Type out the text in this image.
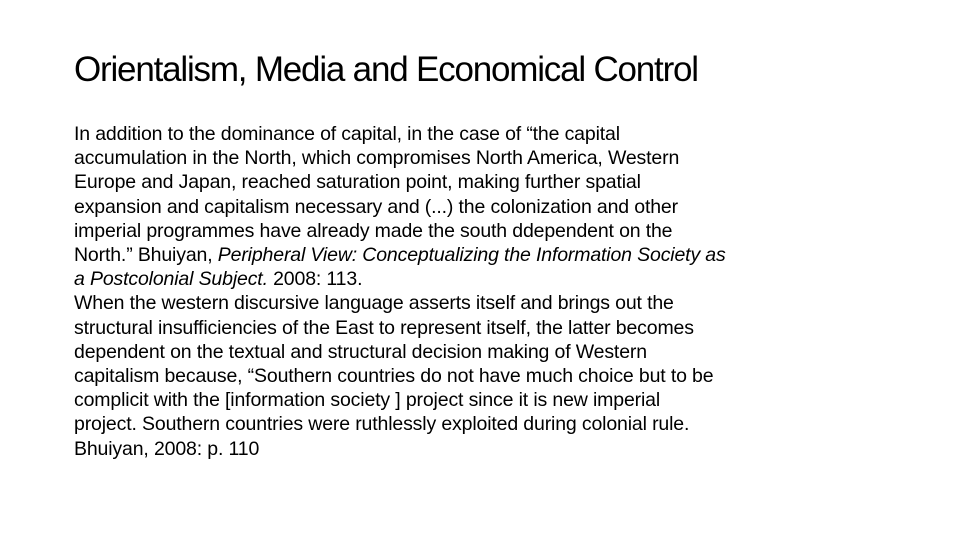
Orientalism, Media and Economical Control

In addition to the dominance of capital, in the case of “the capital
accumulation in the North, which compromises North America, Western
Europe and Japan, reached saturation point, making further spatial
expansion and capitalism necessary and (...) the colonization and other
imperial programmes have already made the south ddependent on the
North.” Bhuiyan, Peripheral View: Conceptualizing the Information Society as
a Postcolonial Subject. 2008: 113.

When the western discursive language asserts itself and brings out the
structural insufficiencies of the East to represent itself, the latter becomes
dependent on the textual and structural decision making of Western
capitalism because, “Southern countries do not have much choice but to be
complicit with the [information society ] project since it is new imperial
project. Southern countries were ruthlessly exploited during colonial rule.
Bhuiyan, 2008: p. 110
